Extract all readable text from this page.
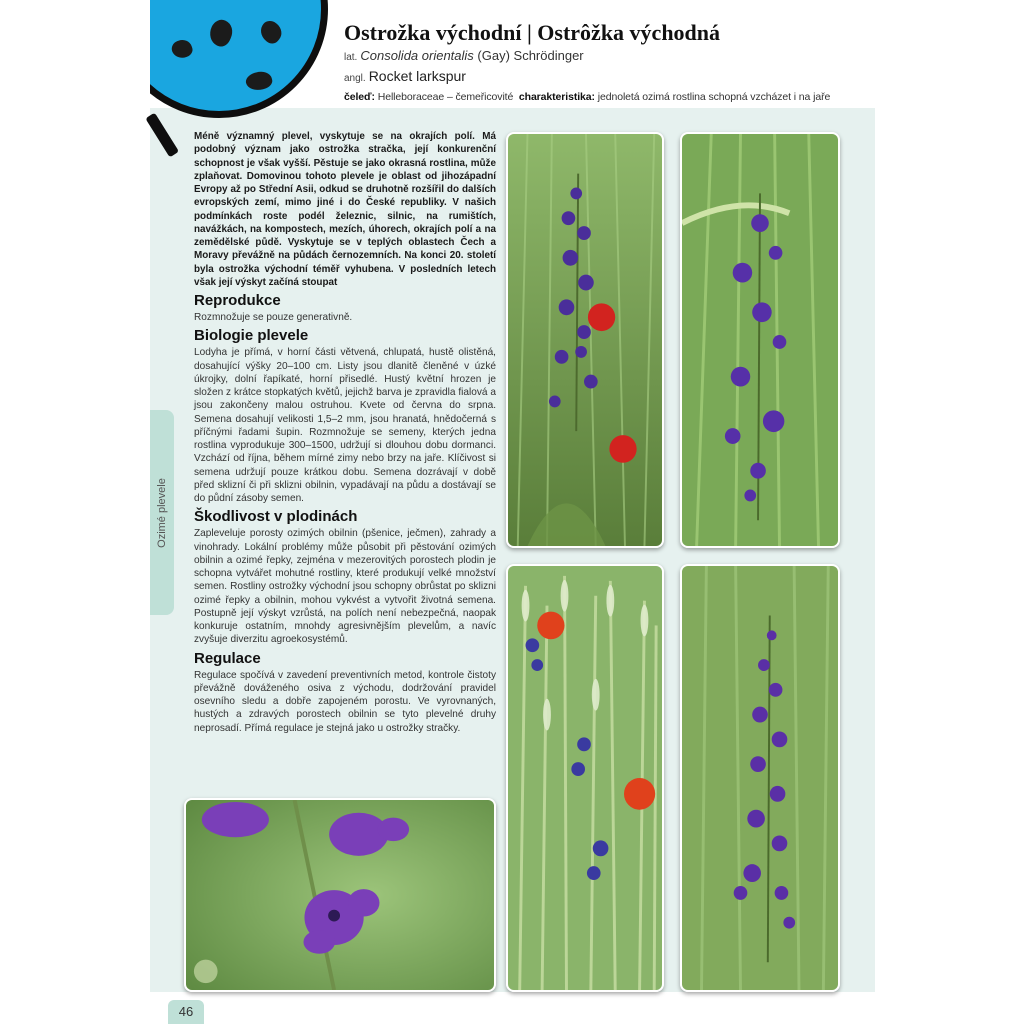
Ostrožka východní | Ostrôžka východná
lat. Consolida orientalis (Gay) Schrödinger
angl. Rocket larkspur
čeleď: Helleboraceae – čemeřicovité charakteristika: jednoletá ozimá rostlina schopná vzcházet i na jaře

Méně významný plevel, vyskytuje se na okrajích polí. Má podobný význam jako ostrožka stračka, její konkurenční schopnost je však vyšší. Pěstuje se jako okrasná rostlina, může zplaňovat. Domovinou tohoto plevele je oblast od jihozápadní Evropy až po Střední Asii, odkud se druhotně rozšířil do dalších evropských zemí, mimo jiné i do České republiky. V našich podmínkách roste podél železnic, silnic, na rumištích, navážkách, na kompostech, mezích, úhorech, okrajích polí a na zemědělské půdě. Vyskytuje se v teplých oblastech Čech a Moravy převážně na půdách černozemních. Na konci 20. století byla ostrožka východní téměř vyhubena. V posledních letech však její výskyt začíná stoupat

Reprodukce

Rozmnožuje se pouze generativně.

Biologie plevele

Lodyha je přímá, v horní části větvená, chlupatá, hustě olistěná, dosahující výšky 20–100 cm. Listy jsou dlanitě členěné v úzké úkrojky, dolní řapíkaté, horní přisedlé. Hustý květní hrozen je složen z krátce stopkatých květů, jejichž barva je zpravidla fialová a jsou zakončeny malou ostruhou. Kvete od června do srpna. Semena dosahují velikosti 1,5–2 mm, jsou hranatá, hnědočerná s příčnými řadami šupin. Rozmnožuje se semeny, kterých jedna rostlina vyprodukuje 300–1500, udržují si dlouhou dobu dormanci. Vzchází od října, během mírné zimy nebo brzy na jaře. Klíčivost si semena udržují pouze krátkou dobu. Semena dozrávají v době před sklizní či při sklizni obilnin, vypadávají na půdu a dostávají se do půdní zásoby semen.

Škodlivost v plodinách

Zapleveluje porosty ozimých obilnin (pšenice, ječmen), zahrady a vinohrady. Lokální problémy může působit při pěstování ozimých obilnin a ozimé řepky, zejména v mezerovitých porostech plodin je schopna vytvářet mohutné rostliny, které produkují velké množství semen. Rostliny ostrožky východní jsou schopny obrůstat po sklizni ozimé řepky a obilnin, mohou vykvést a vytvořit životná semena. Postupně její výskyt vzrůstá, na polích není nebezpečná, naopak konkuruje ostatním, mnohdy agresivnějším plevelům, a navíc zvyšuje diverzitu agroekosystémů.

Regulace

Regulace spočívá v zavedení preventivních metod, kontrole čistoty převážně dováženého osiva z východu, dodržování pravidel osevního sledu a dobře zapojeném porostu. Ve vyrovnaných, hustých a zdravých porostech obilnin se tyto plevelné druhy neprosadí. Přímá regulace je stejná jako u ostrožky stračky.

Ozimé plevele
46
